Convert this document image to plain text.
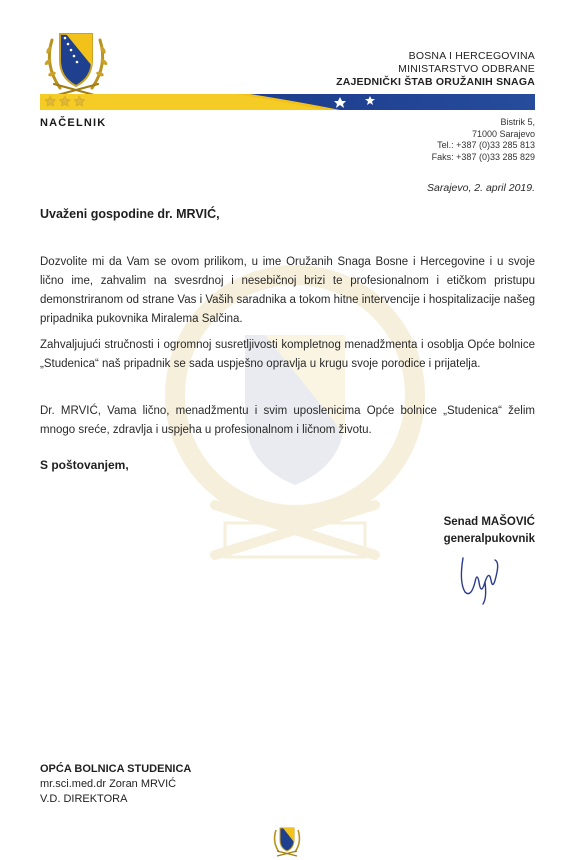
BOSNA I HERCEGOVINA
MINISTARSTVO ODBRANE
ZAJEDNIČKI ŠTAB ORUŽANIH SNAGA
★★★
NAČELNIK	Bistrik 5,
71000 Sarajevo
Tel.: +387 (0)33 285 813
Faks: +387 (0)33 285 829
Sarajevo, 2. april 2019.
Uvaženi gospodine dr. MRVIĆ,
Dozvolite mi da Vam se ovom prilikom, u ime Oružanih Snaga Bosne i Hercegovine i u svoje lično ime, zahvalim na svesrdnoj i nesebičnoj brizi te profesionalnom i etičkom pristupu demonstriranom od strane Vas i Vaših saradnika a tokom hitne intervencije i hospitalizacije našeg pripadnika pukovnika Miralema Salčina.
Zahvaljujući stručnosti i ogromnoj susretljivosti kompletnog menadžmenta i osoblja Opće bolnice „Studenica“ naš pripadnik se sada uspješno opravlja u krugu svoje porodice i prijatelja.
Dr. MRVIĆ, Vama lično, menadžmentu i svim uposlenicima Opće bolnice „Studenica“ želim mnogo sreće, zdravlja i uspjeha u profesionalnom i ličnom životu.
S poštovanjem,
Senad MAŠOVIĆ
generalpukovnik
OPĆA BOLNICA STUDENICA
mr.sci.med.dr Zoran MRVIĆ
V.D. DIREKTORA
